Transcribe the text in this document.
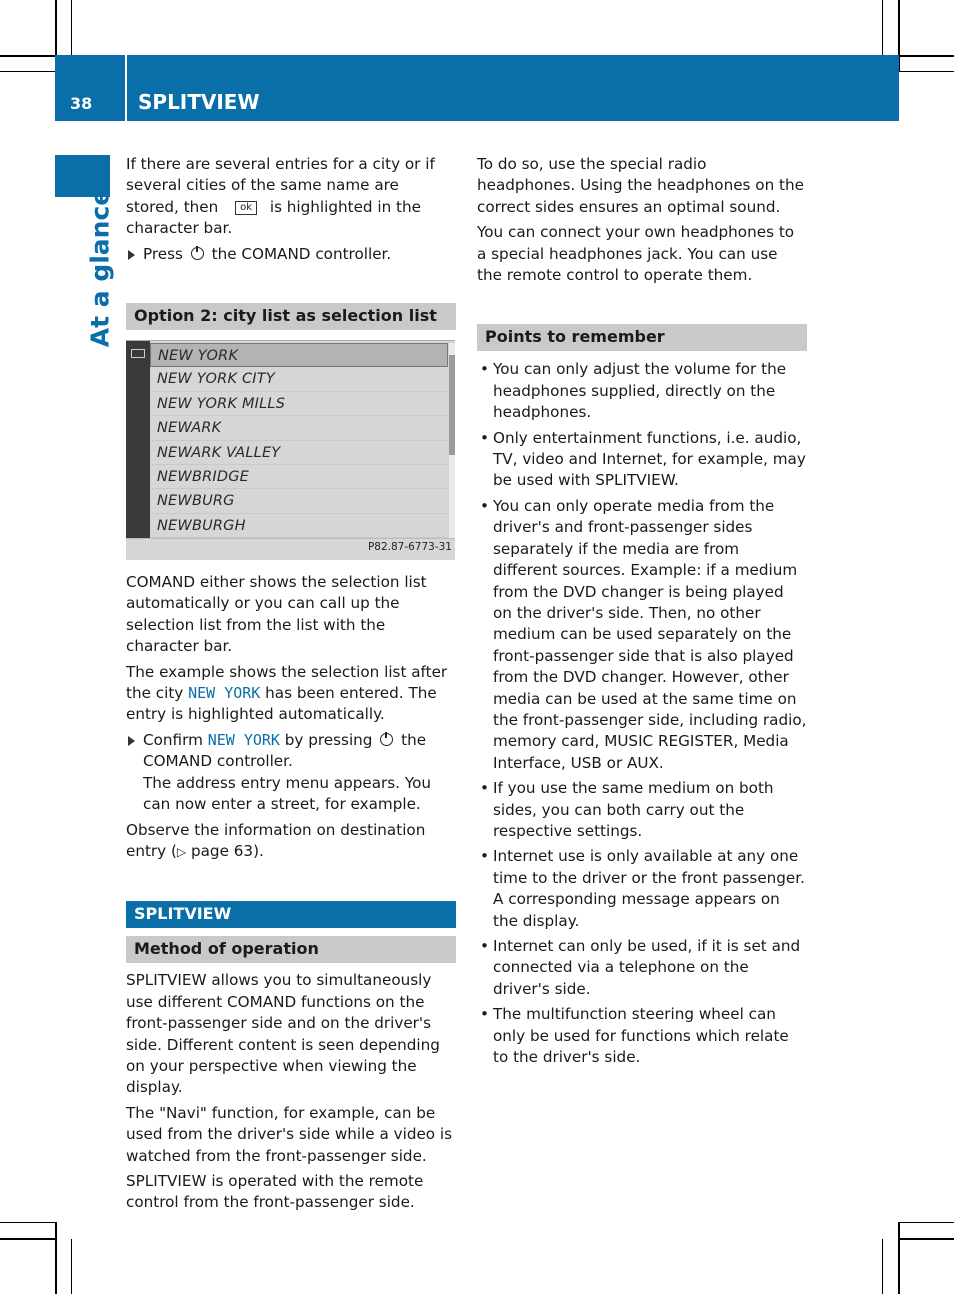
38	SPLITVIEW
At a glance

If there are several entries for a city or if several cities of the same name are stored, then ok is highlighted in the character bar.

Press the COMAND controller.
Option 2: city list as selection list
NEW YORK
NEW YORK CITY
NEW YORK MILLS
NEWARK
NEWARK VALLEY
NEWBRIDGE
NEWBURG
NEWBURGH
P82.87-6773-31

COMAND either shows the selection list automatically or you can call up the selection list from the list with the character bar.

The example shows the selection list after the city NEW YORK has been entered. The entry is highlighted automatically.

Confirm NEW YORK by pressing the COMAND controller.
The address entry menu appears. You can now enter a street, for example.

Observe the information on destination entry (▷ page 63).

SPLITVIEW
Method of operation

SPLITVIEW allows you to simultaneously use different COMAND functions on the front-passenger side and on the driver's side. Different content is seen depending on your perspective when viewing the display.

The "Navi" function, for example, can be used from the driver's side while a video is watched from the front-passenger side.

SPLITVIEW is operated with the remote control from the front-passenger side.

To do so, use the special radio headphones. Using the headphones on the correct sides ensures an optimal sound.

You can connect your own headphones to a special headphones jack. You can use the remote control to operate them.

Points to remember
• You can only adjust the volume for the headphones supplied, directly on the headphones.
• Only entertainment functions, i.e. audio, TV, video and Internet, for example, may be used with SPLITVIEW.
• You can only operate media from the driver's and front-passenger sides separately if the media are from different sources. Example: if a medium from the DVD changer is being played on the driver's side. Then, no other medium can be used separately on the front-passenger side that is also played from the DVD changer. However, other media can be used at the same time on the front-passenger side, including radio, memory card, MUSIC REGISTER, Media Interface, USB or AUX.
• If you use the same medium on both sides, you can both carry out the respective settings.
• Internet use is only available at any one time to the driver or the front passenger. A corresponding message appears on the display.
• Internet can only be used, if it is set and connected via a telephone on the driver's side.
• The multifunction steering wheel can only be used for functions which relate to the driver's side.
